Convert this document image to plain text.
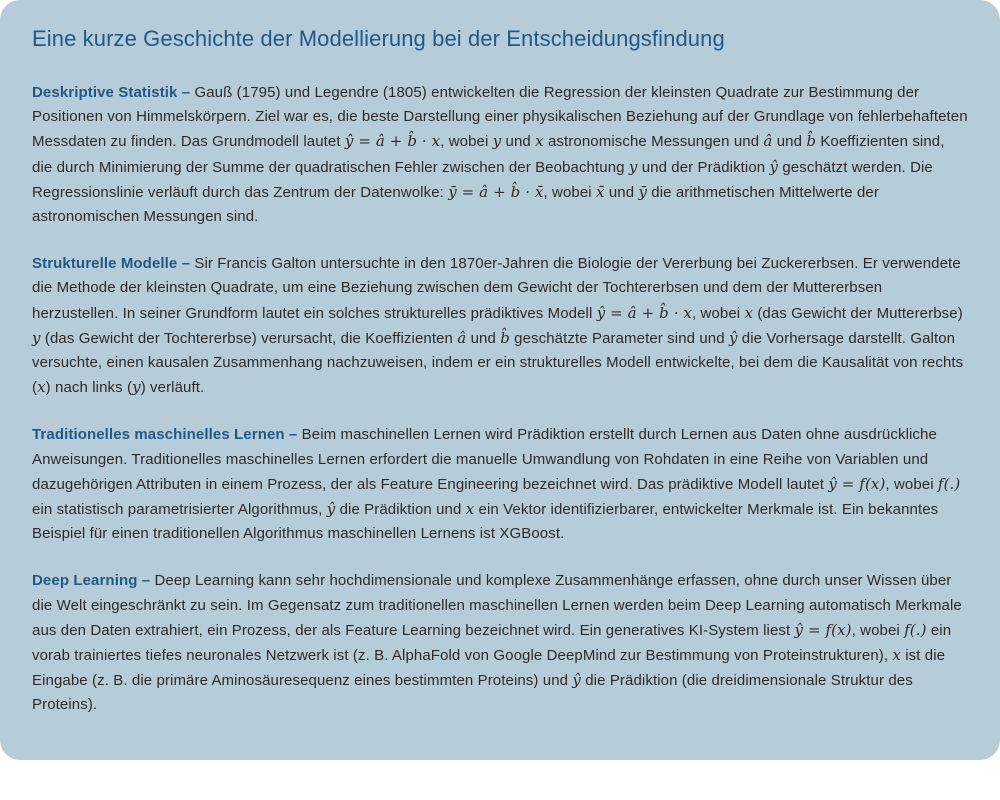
Eine kurze Geschichte der Modellierung bei der Entscheidungsfindung

Deskriptive Statistik – Gauß (1795) und Legendre (1805) entwickelten die Regression der kleinsten Quadrate zur Bestimmung der Positionen von Himmelskörpern. Ziel war es, die beste Darstellung einer physikalischen Beziehung auf der Grundlage von fehlerbehafteten Messdaten zu finden. Das Grundmodell lautet ŷ = â + b̂ · x, wobei y und x astronomische Messungen und â und b̂ Koeffizienten sind, die durch Minimierung der Summe der quadratischen Fehler zwischen der Beobachtung y und der Prädiktion ŷ geschätzt werden. Die Regressionslinie verläuft durch das Zentrum der Datenwolke: ȳ = â + b̂ · x̄, wobei x̄ und ȳ die arithmetischen Mittelwerte der astronomischen Messungen sind.

Strukturelle Modelle – Sir Francis Galton untersuchte in den 1870er-Jahren die Biologie der Vererbung bei Zuckererbsen. Er verwendete die Methode der kleinsten Quadrate, um eine Beziehung zwischen dem Gewicht der Tochtererbsen und dem der Muttererbsen herzustellen. In seiner Grundform lautet ein solches strukturelles prädiktives Modell ŷ = â + b̂ · x, wobei x (das Gewicht der Muttererbse) y (das Gewicht der Tochtererbse) verursacht, die Koeffizienten â und b̂ geschätzte Parameter sind und ŷ die Vorhersage darstellt. Galton versuchte, einen kausalen Zusammenhang nachzuweisen, indem er ein strukturelles Modell entwickelte, bei dem die Kausalität von rechts (x) nach links (y) verläuft.

Traditionelles maschinelles Lernen – Beim maschinellen Lernen wird Prädiktion erstellt durch Lernen aus Daten ohne ausdrückliche Anweisungen. Traditionelles maschinelles Lernen erfordert die manuelle Umwandlung von Rohdaten in eine Reihe von Variablen und dazugehörigen Attributen in einem Prozess, der als Feature Engineering bezeichnet wird. Das prädiktive Modell lautet ŷ = f(x), wobei f(.) ein statistisch parametrisierter Algorithmus, ŷ die Prädiktion und x ein Vektor identifizierbarer, entwickelter Merkmale ist. Ein bekanntes Beispiel für einen traditionellen Algorithmus maschinellen Lernens ist XGBoost.

Deep Learning – Deep Learning kann sehr hochdimensionale und komplexe Zusammenhänge erfassen, ohne durch unser Wissen über die Welt eingeschränkt zu sein. Im Gegensatz zum traditionellen maschinellen Lernen werden beim Deep Learning automatisch Merkmale aus den Daten extrahiert, ein Prozess, der als Feature Learning bezeichnet wird. Ein generatives KI-System liest ŷ = f(x), wobei f(.) ein vorab trainiertes tiefes neuronales Netzwerk ist (z. B. AlphaFold von Google DeepMind zur Bestimmung von Proteinstrukturen), x ist die Eingabe (z. B. die primäre Aminosäuresequenz eines bestimmten Proteins) und ŷ die Prädiktion (die dreidimensionale Struktur des Proteins).
